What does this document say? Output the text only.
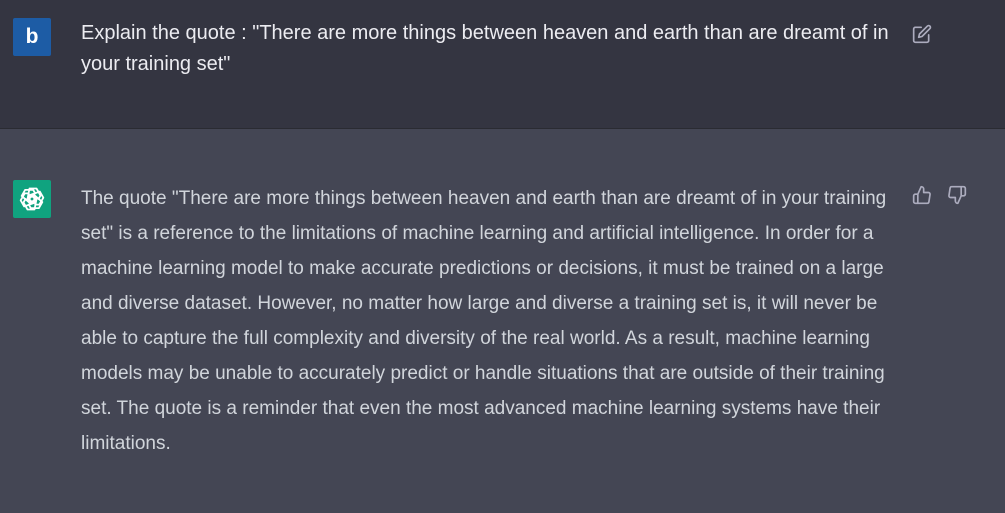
b	Explain the quote : "There are more things between heaven and earth than are dreamt of in your training set"
The quote "There are more things between heaven and earth than are dreamt of in your training set" is a reference to the limitations of machine learning and artificial intelligence. In order for a machine learning model to make accurate predictions or decisions, it must be trained on a large and diverse dataset. However, no matter how large and diverse a training set is, it will never be able to capture the full complexity and diversity of the real world. As a result, machine learning models may be unable to accurately predict or handle situations that are outside of their training set. The quote is a reminder that even the most advanced machine learning systems have their limitations.
